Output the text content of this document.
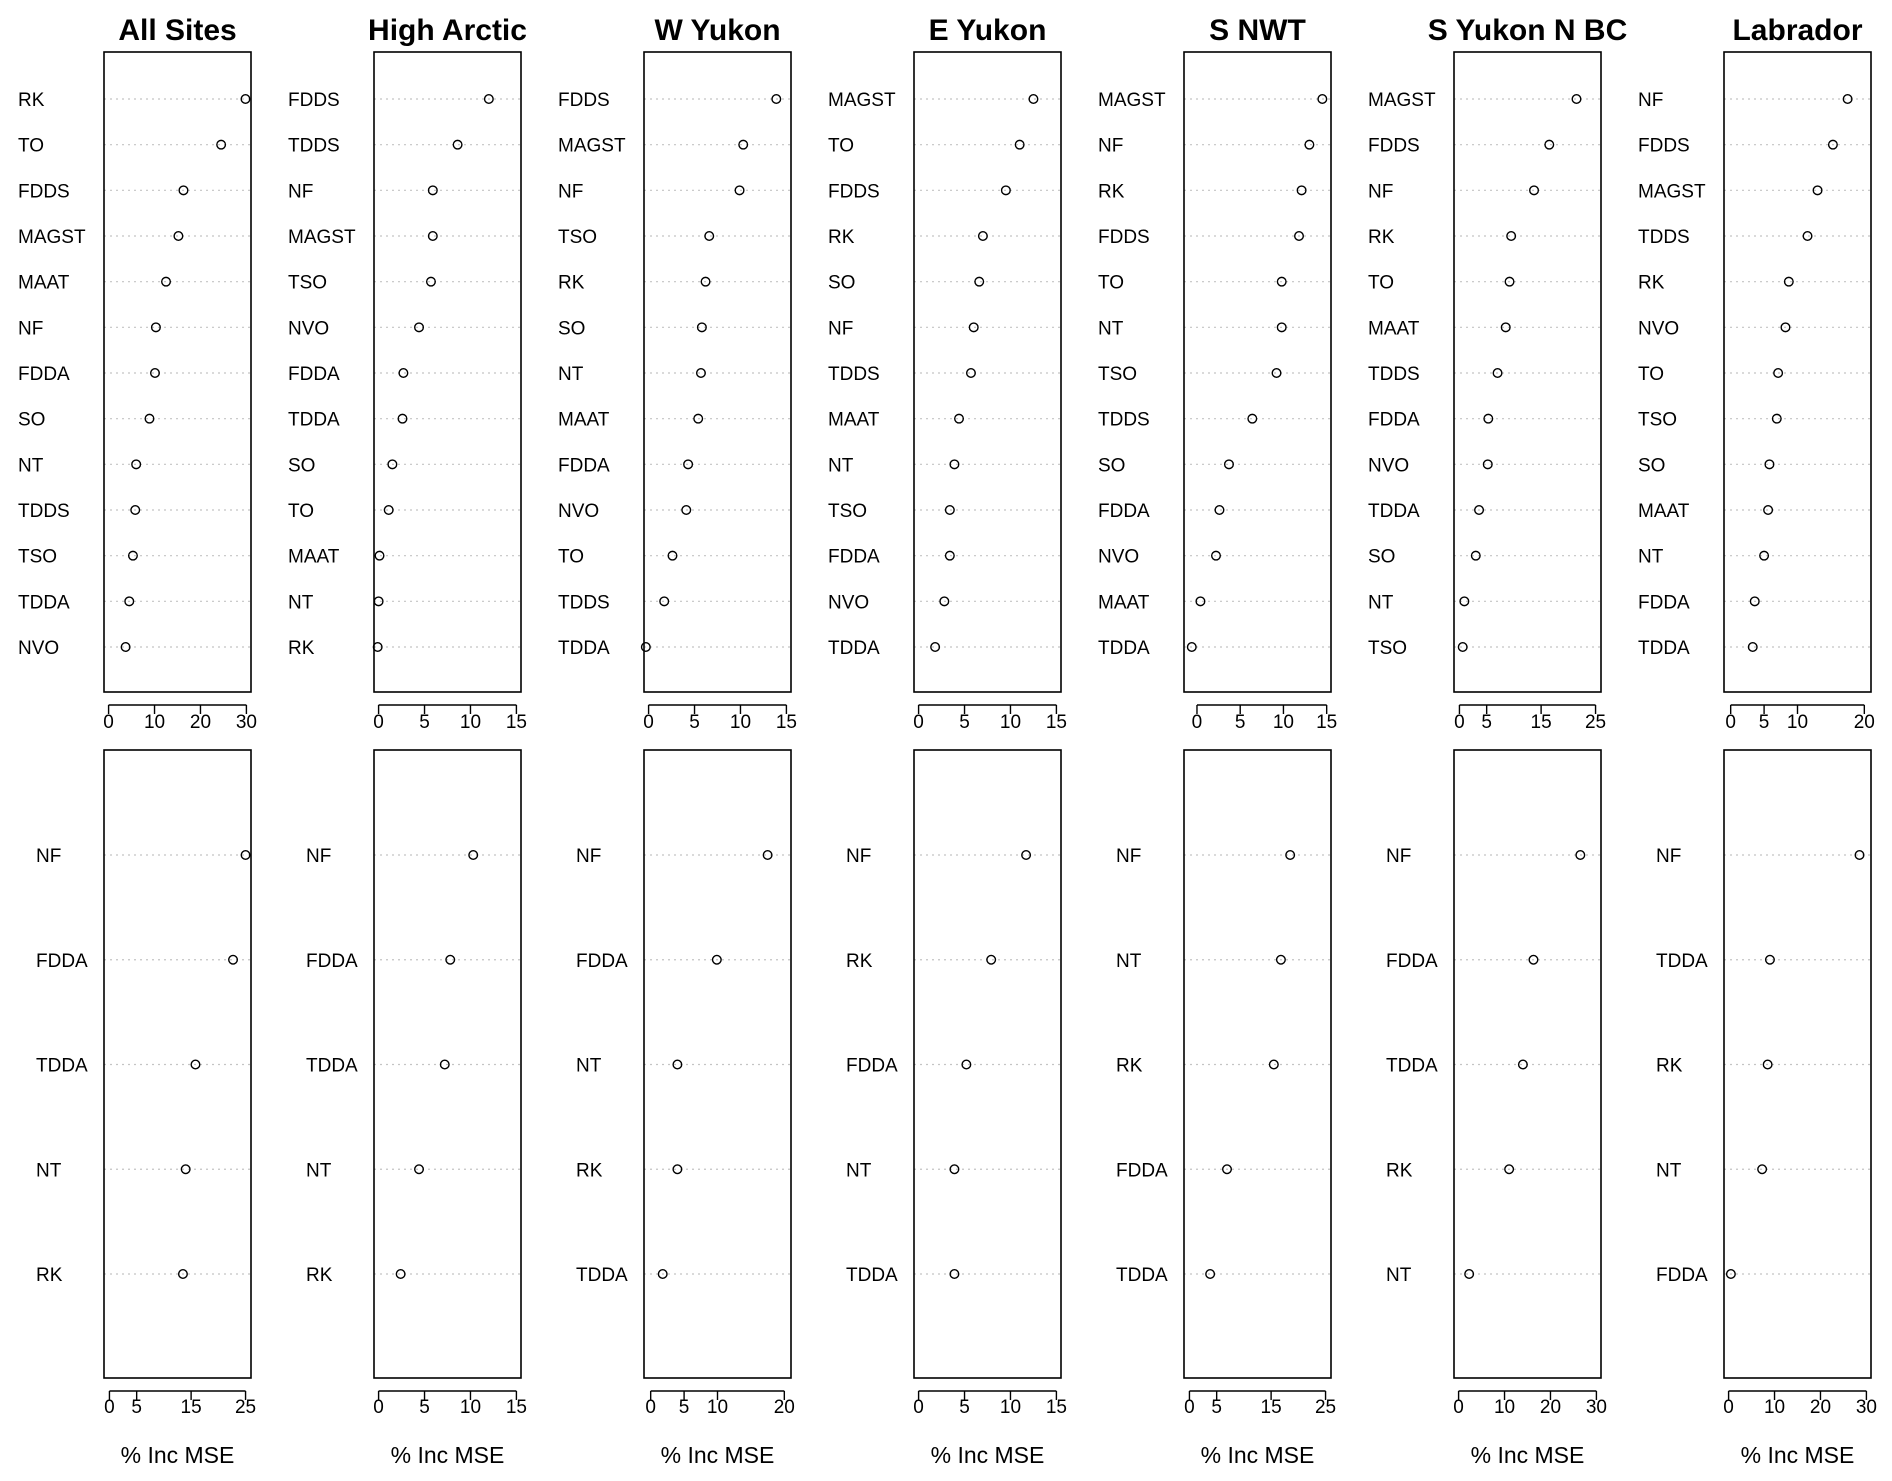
All Sites
RK
TO
FDDS
MAGST
MAAT
NF
FDDA
SO
NT
TDDS
TSO
TDDA
NVO
0 10 20 30
High Arctic
FDDS
TDDS
NF
MAGST
TSO
NVO
FDDA
TDDA
SO
TO
MAAT
NT
RK
0 5 10 15
W Yukon
FDDS
MAGST
NF
TSO
RK
SO
NT
MAAT
FDDA
NVO
TO
TDDS
TDDA
0 5 10 15
E Yukon
MAGST
TO
FDDS
RK
SO
NF
TDDS
MAAT
NT
TSO
FDDA
NVO
TDDA
0 5 10 15
S NWT
MAGST
NF
RK
FDDS
TO
NT
TSO
TDDS
SO
FDDA
NVO
MAAT
TDDA
0 5 10 15
S Yukon N BC
MAGST
FDDS
NF
RK
TO
MAAT
TDDS
FDDA
NVO
TDDA
SO
NT
TSO
0 5 15 25
Labrador
NF
FDDS
MAGST
TDDS
RK
NVO
TO
TSO
SO
MAAT
NT
FDDA
TDDA
0 5 10 20
NF
FDDA
TDDA
NT
RK
0 5 15 25
% Inc MSE
NF
FDDA
TDDA
NT
RK
0 5 10 15
% Inc MSE
NF
FDDA
NT
RK
TDDA
0 5 10 20
% Inc MSE
NF
RK
FDDA
NT
TDDA
0 5 10 15
% Inc MSE
NF
NT
RK
FDDA
TDDA
0 5 15 25
% Inc MSE
NF
FDDA
TDDA
RK
NT
0 10 20 30
% Inc MSE
NF
TDDA
RK
NT
FDDA
0 10 20 30
% Inc MSE
